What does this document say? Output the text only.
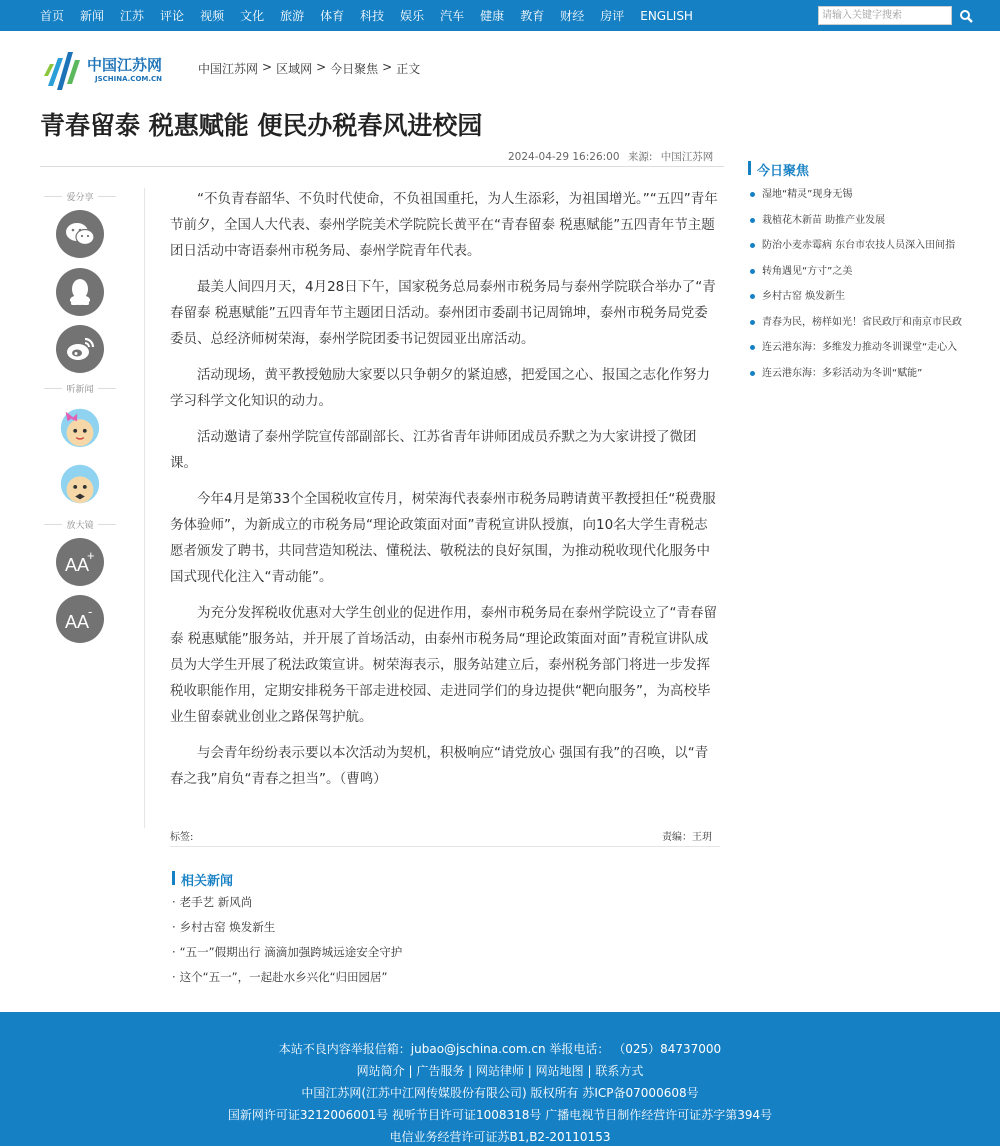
首页 新闻 江苏 评论 视频 文化 旅游 体育 科技 娱乐 汽车 健康 教育 财经 房评 ENGLISH	请输入关键字搜索
中国江苏网
JSCHINA.COM.CN
中国江苏网 > 区域网 > 今日聚焦 > 正文
青春留泰 税惠赋能 便民办税春风进校园
2024-04-29 16:26:00 来源: 中国江苏网
爱分享
听新闻
放大镜
AA
+
AA
-

“不负青春韶华、不负时代使命，不负祖国重托，为人生添彩，为祖国增光。”“五四”青年节前夕，全国人大代表、泰州学院美术学院院长黄平在“青春留泰 税惠赋能”五四青年节主题团日活动中寄语泰州市税务局、泰州学院青年代表。

最美人间四月天，4月28日下午，国家税务总局泰州市税务局与泰州学院联合举办了“青春留泰 税惠赋能”五四青年节主题团日活动。泰州团市委副书记周锦坤，泰州市税务局党委委员、总经济师树荣海，泰州学院团委书记贺园亚出席活动。

活动现场，黄平教授勉励大家要以只争朝夕的紧迫感，把爱国之心、报国之志化作努力学习科学文化知识的动力。

活动邀请了泰州学院宣传部副部长、江苏省青年讲师团成员乔默之为大家讲授了微团课。

今年4月是第33个全国税收宣传月，树荣海代表泰州市税务局聘请黄平教授担任“税费服务体验师”，为新成立的市税务局“理论政策面对面”青税宣讲队授旗，向10名大学生青税志愿者颁发了聘书，共同营造知税法、懂税法、敬税法的良好氛围，为推动税收现代化服务中国式现代化注入“青动能”。

为充分发挥税收优惠对大学生创业的促进作用，泰州市税务局在泰州学院设立了“青春留泰 税惠赋能”服务站，并开展了首场活动，由泰州市税务局“理论政策面对面”青税宣讲队成员为大学生开展了税法政策宣讲。树荣海表示，服务站建立后，泰州税务部门将进一步发挥税收职能作用，定期安排税务干部走进校园、走进同学们的身边提供“靶向服务”，为高校毕业生留泰就业创业之路保驾护航。

与会青年纷纷表示要以本次活动为契机，积极响应“请党放心 强国有我”的召唤，以“青春之我”肩负“青春之担当”。（曹鸣）

标签:	责编：王玥
相关新闻
· 老手艺 新风尚
· 乡村古窑 焕发新生
· “五一”假期出行 滴滴加强跨城远途安全守护
· 这个“五一”，一起赴水乡兴化“归田园居”
今日聚焦
湿地“精灵”现身无锡
栽植花木新苗 助推产业发展
防治小麦赤霉病 东台市农技人员深入田间指
转角遇见“方寸”之美
乡村古窑 焕发新生
青春为民，榜样如光！省民政厅和南京市民政
连云港东海：多维发力推动冬训课堂“走心入
连云港东海：多彩活动为冬训“赋能”
本站不良内容举报信箱：jubao@jschina.com.cn 举报电话： （025）84737000
网站简介 | 广告服务 | 网站律师 | 网站地图 | 联系方式
中国江苏网(江苏中江网传媒股份有限公司) 版权所有 苏ICP备07000608号
国新网许可证3212006001号 视听节目许可证1008318号 广播电视节目制作经营许可证苏字第394号
电信业务经营许可证苏B1,B2-20110153
